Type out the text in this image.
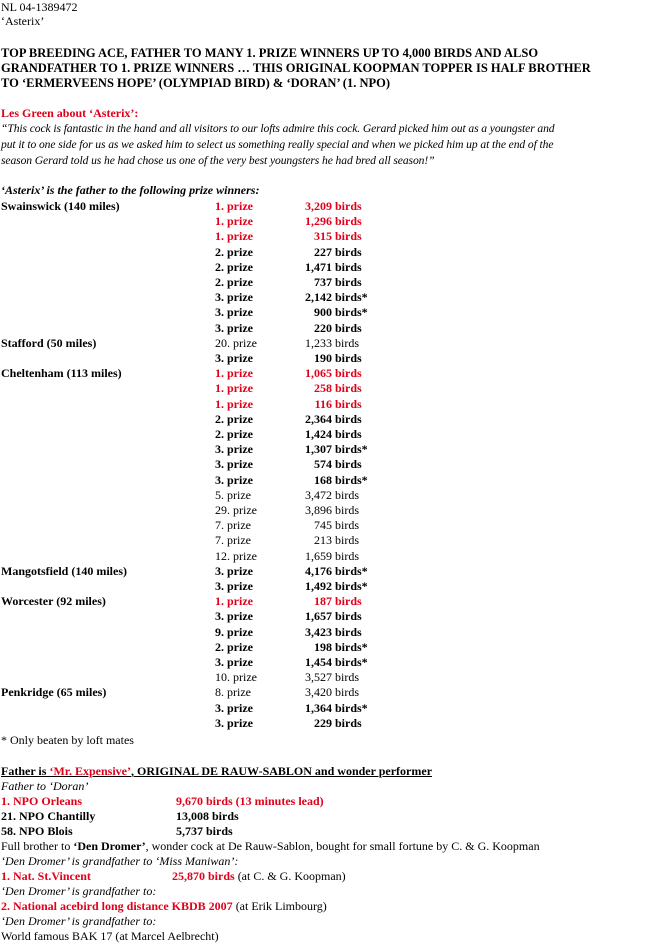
NL 04-1389472
‘Asterix’
TOP BREEDING ACE, FATHER TO MANY 1. PRIZE WINNERS UP TO 4,000 BIRDS AND ALSO
GRANDFATHER TO 1. PRIZE WINNERS … THIS ORIGINAL KOOPMAN TOPPER IS HALF BROTHER
TO ‘ERMERVEENS HOPE’ (OLYMPIAD BIRD) & ‘DORAN’ (1. NPO)
Les Green about ‘Asterix’:
“This cock is fantastic in the hand and all visitors to our lofts admire this cock. Gerard picked him out as a youngster and
put it to one side for us as we asked him to select us something really special and when we picked him up at the end of the
season Gerard told us he had chose us one of the very best youngsters he had bred all season!”
‘Asterix’ is the father to the following prize winners:
Swainswick (140 miles)	1. prize	3,209 birds
1. prize	1,296 birds
1. prize	315 birds
2. prize	227 birds
2. prize	1,471 birds
2. prize	737 birds
3. prize	2,142 birds*
3. prize	900 birds*
3. prize	220 birds
Stafford (50 miles)	20. prize	1,233 birds
3. prize	190 birds
Cheltenham (113 miles)	1. prize	1,065 birds
1. prize	258 birds
1. prize	116 birds
2. prize	2,364 birds
2. prize	1,424 birds
3. prize	1,307 birds*
3. prize	574 birds
3. prize	168 birds*
5. prize	3,472 birds
29. prize	3,896 birds
7. prize	745 birds
7. prize	213 birds
12. prize	1,659 birds
Mangotsfield (140 miles)	3. prize	4,176 birds*
3. prize	1,492 birds*
Worcester (92 miles)	1. prize	187 birds
3. prize	1,657 birds
9. prize	3,423 birds
2. prize	198 birds*
3. prize	1,454 birds*
10. prize	3,527 birds
Penkridge (65 miles)	8. prize	3,420 birds
3. prize	1,364 birds*
3. prize	229 birds
* Only beaten by loft mates
Father is ‘Mr. Expensive’, ORIGINAL DE RAUW-SABLON and wonder performer
Father to ‘Doran’
1. NPO Orleans	9,670 birds (13 minutes lead)
21. NPO Chantilly	13,008 birds
58. NPO Blois	5,737 birds
Full brother to ‘Den Dromer’, wonder cock at De Rauw-Sablon, bought for small fortune by C. & G. Koopman
‘Den Dromer’ is grandfather to ‘Miss Maniwan’:
1. Nat. St.Vincent	25,870 birds (at C. & G. Koopman)
‘Den Dromer’ is grandfather to:
2. National acebird long distance KBDB 2007 (at Erik Limbourg)
‘Den Dromer’ is grandfather to:
World famous BAK 17 (at Marcel Aelbrecht)
